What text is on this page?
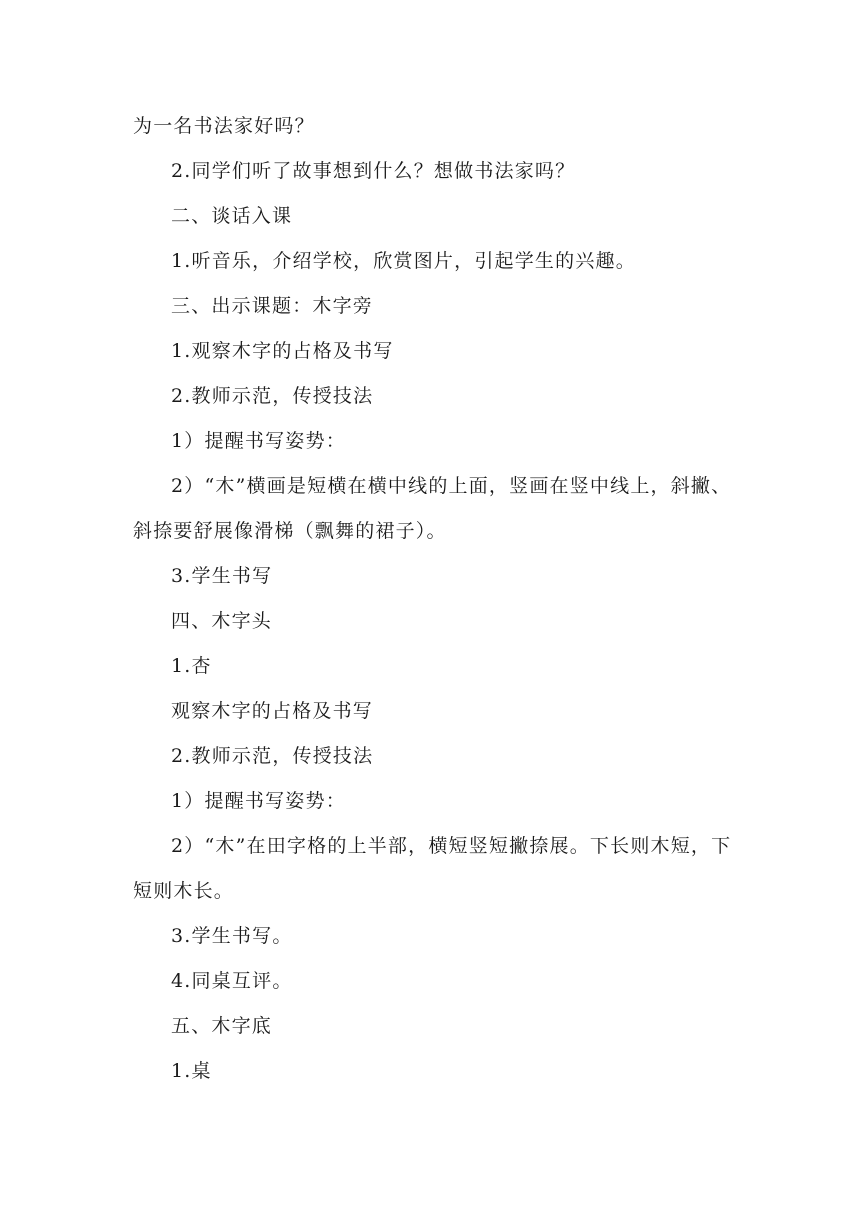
为一名书法家好吗？

2.同学们听了故事想到什么？想做书法家吗？

二、谈话入课

1.听音乐，介绍学校，欣赏图片，引起学生的兴趣。

三、出示课题：木字旁

1.观察木字的占格及书写

2.教师示范，传授技法

1）提醒书写姿势：

2）“木”横画是短横在横中线的上面，竖画在竖中线上，斜撇、斜捺要舒展像滑梯（飘舞的裙子）。

3.学生书写

四、木字头

1.杏

观察木字的占格及书写

2.教师示范，传授技法

1）提醒书写姿势：

2）“木”在田字格的上半部，横短竖短撇捺展。下长则木短，下短则木长。

3.学生书写。

4.同桌互评。

五、木字底

1.桌
